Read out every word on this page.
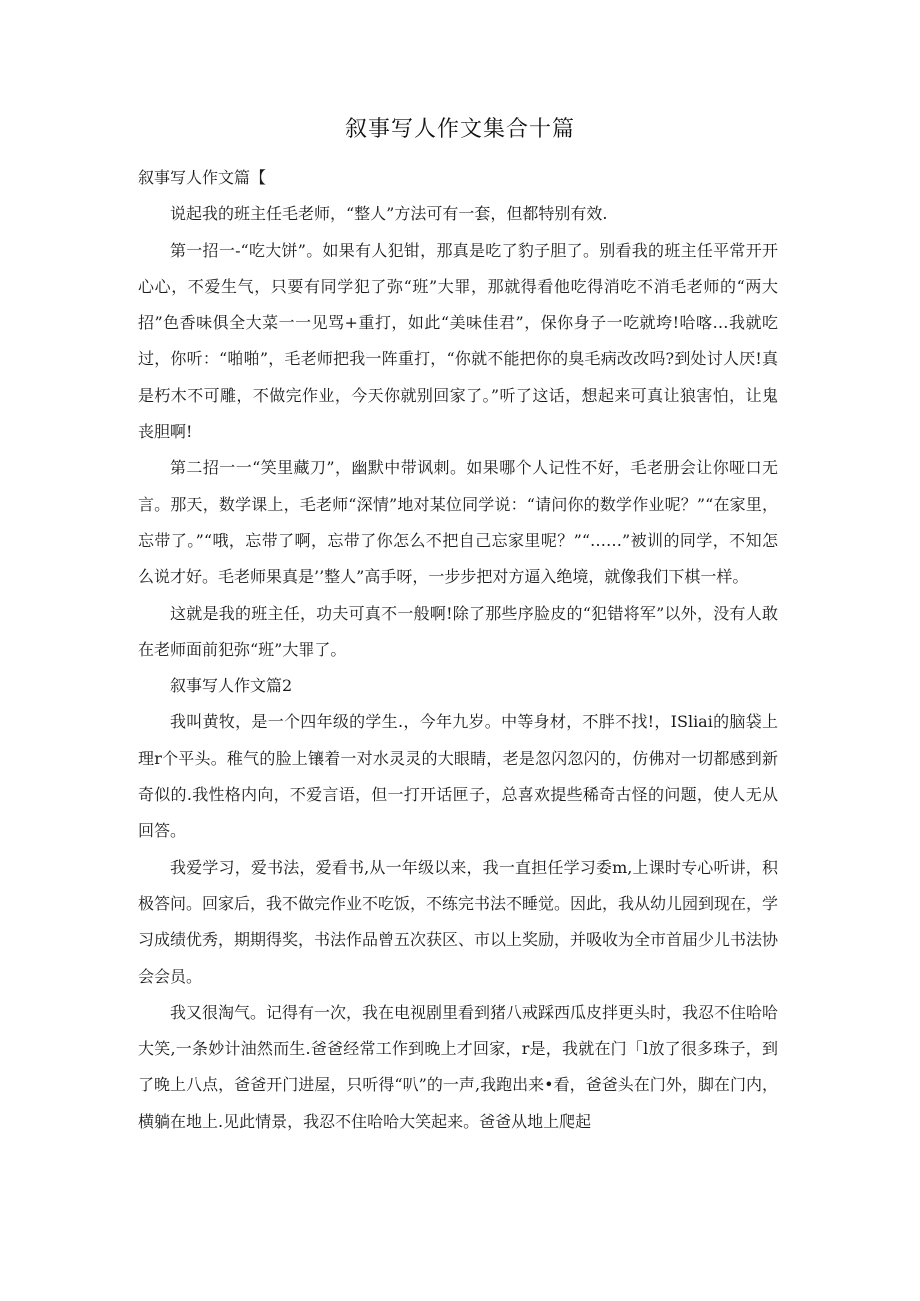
叙事写人作文集合十篇

叙事写人作文篇【

说起我的班主任毛老师，“整人”方法可有一套，但都特别有效.

第一招一-“吃大饼”。如果有人犯钳，那真是吃了豹子胆了。别看我的班主任平常开开心心，不爱生气，只要有同学犯了弥“班”大罪，那就得看他吃得消吃不消毛老师的“两大招”色香味俱全大菜一一见骂+重打，如此“美味佳君”，保你身子一吃就垮!哈喀…我就吃过，你听：“啪啪”，毛老师把我一阵重打，“你就不能把你的臭毛病改改吗?到处讨人厌!真是朽木不可雕，不做完作业，今天你就别回家了。”听了这话，想起来可真让狼害怕，让鬼丧胆啊!

第二招一一“笑里藏刀”，幽默中带讽刺。如果哪个人记性不好，毛老册会让你哑口无言。那天，数学课上，毛老师“深情”地对某位同学说：“请问你的数学作业呢？”“在家里，忘带了。”“哦，忘带了啊，忘带了你怎么不把自己忘家里呢？”“……”被训的同学，不知怎么说才好。毛老师果真是’’整人”高手呀，一步步把对方逼入绝境，就像我们下棋一样。

这就是我的班主任，功夫可真不一般啊!除了那些序脸皮的“犯错将军”以外，没有人敢在老师面前犯弥“班”大罪了。

叙事写人作文篇2

我叫黄牧，是一个四年级的学生.，今年九岁。中等身材，不胖不找!，ISliai的脑袋上理r个平头。稚气的脸上镶着一对水灵灵的大眼睛，老是忽闪忽闪的，仿佛对一切都感到新奇似的.我性格内向，不爱言语，但一打开话匣子，总喜欢提些稀奇古怪的问题，使人无从回答。

我爱学习，爱书法，爱看书,从一年级以来，我一直担任学习委m,上课时专心听讲，积极答问。回家后，我不做完作业不吃饭，不练完书法不睡觉。因此，我从幼儿园到现在，学习成绩优秀，期期得奖，书法作品曾五次获区、市以上奖励，并吸收为全市首届少儿书法协会会员。

我又很淘气。记得有一次，我在电视剧里看到猪八戒踩西瓜皮拌更头时，我忍不住哈哈大笑,一条妙计油然而生.爸爸经常工作到晚上才回家，r是，我就在门「l放了很多珠子，到了晚上八点，爸爸开门进屋，只听得“叭”的一声,我跑出来•看，爸爸头在门外，脚在门内，横躺在地上.见此情景，我忍不住哈哈大笑起来。爸爸从地上爬起
